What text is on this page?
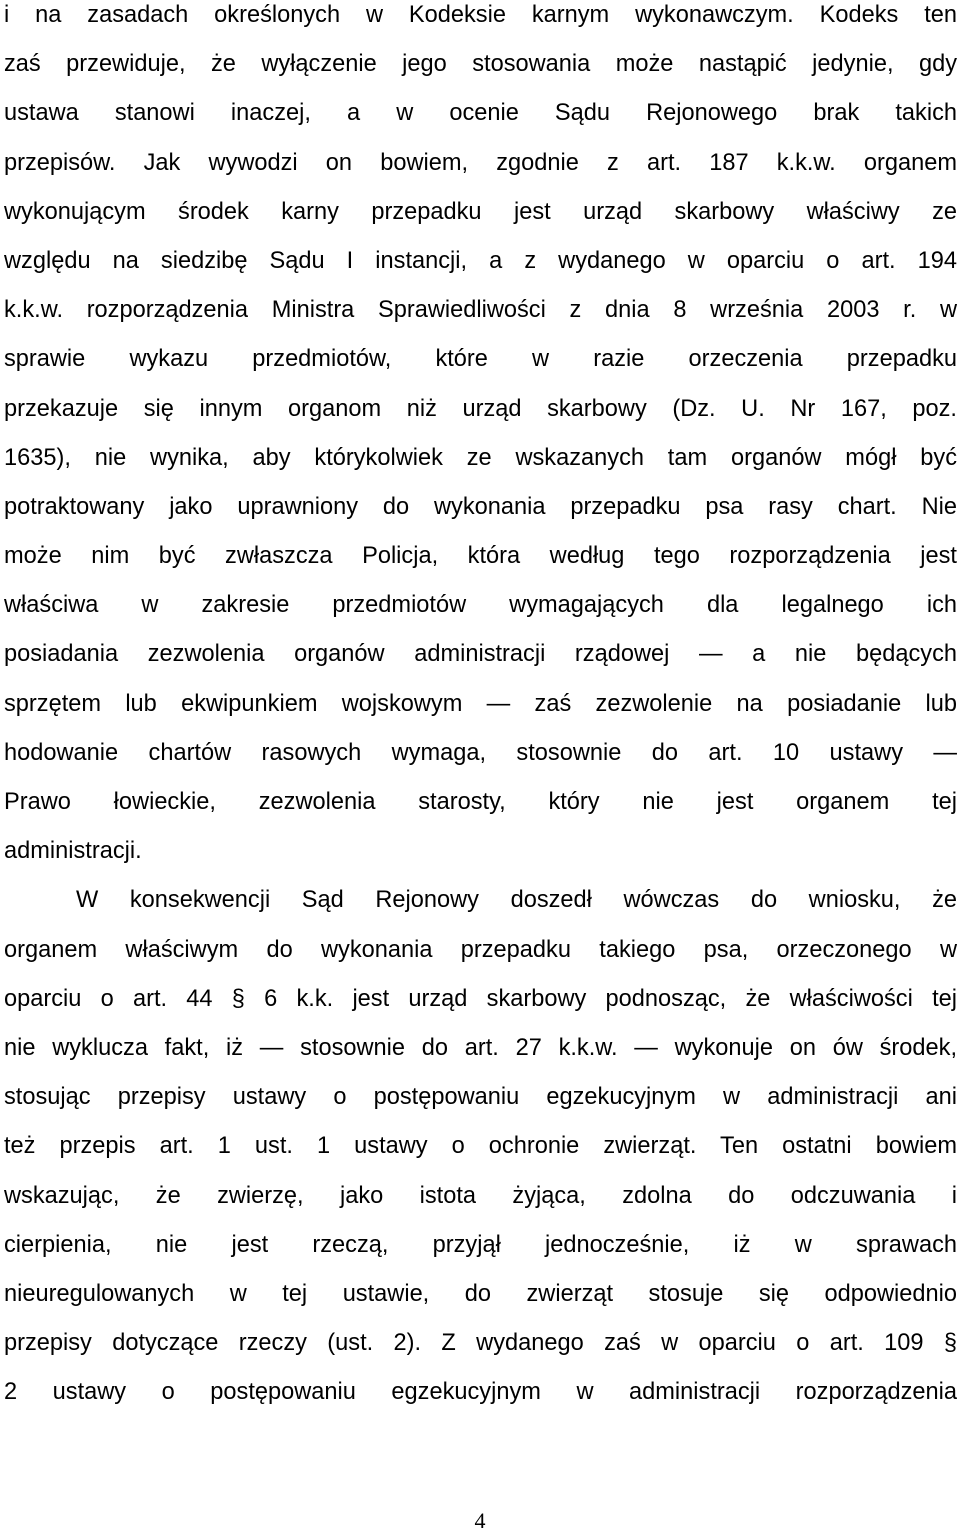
i na zasadach określonych w Kodeksie karnym wykonawczym. Kodeks ten
zaś przewiduje, że wyłączenie jego stosowania może nastąpić jedynie, gdy
ustawa stanowi inaczej, a w ocenie Sądu Rejonowego brak takich
przepisów. Jak wywodzi on bowiem, zgodnie z art. 187 k.k.w. organem
wykonującym środek karny przepadku jest urząd skarbowy właściwy ze
względu na siedzibę Sądu I instancji, a z wydanego w oparciu o art. 194
k.k.w. rozporządzenia Ministra Sprawiedliwości z dnia 8 września 2003 r. w
sprawie wykazu przedmiotów, które w razie orzeczenia przepadku
przekazuje się innym organom niż urząd skarbowy (Dz. U. Nr 167, poz.
1635), nie wynika, aby którykolwiek ze wskazanych tam organów mógł być
potraktowany jako uprawniony do wykonania przepadku psa rasy chart. Nie
może nim być zwłaszcza Policja, która według tego rozporządzenia jest
właściwa w zakresie przedmiotów wymagających dla legalnego ich
posiadania zezwolenia organów administracji rządowej — a nie będących
sprzętem lub ekwipunkiem wojskowym — zaś zezwolenie na posiadanie lub
hodowanie chartów rasowych wymaga, stosownie do art. 10 ustawy —
Prawo łowieckie, zezwolenia starosty, który nie jest organem tej
administracji.
W konsekwencji Sąd Rejonowy doszedł wówczas do wniosku, że
organem właściwym do wykonania przepadku takiego psa, orzeczonego w
oparciu o art. 44 § 6 k.k. jest urząd skarbowy podnosząc, że właściwości tej
nie wyklucza fakt, iż — stosownie do art. 27 k.k.w. — wykonuje on ów środek,
stosując przepisy ustawy o postępowaniu egzekucyjnym w administracji ani
też przepis art. 1 ust. 1 ustawy o ochronie zwierząt. Ten ostatni bowiem
wskazując, że zwierzę, jako istota żyjąca, zdolna do odczuwania i
cierpienia, nie jest rzeczą, przyjął jednocześnie, iż w sprawach
nieuregulowanych w tej ustawie, do zwierząt stosuje się odpowiednio
przepisy dotyczące rzeczy (ust. 2). Z wydanego zaś w oparciu o art. 109 §
2 ustawy o postępowaniu egzekucyjnym w administracji rozporządzenia
4
